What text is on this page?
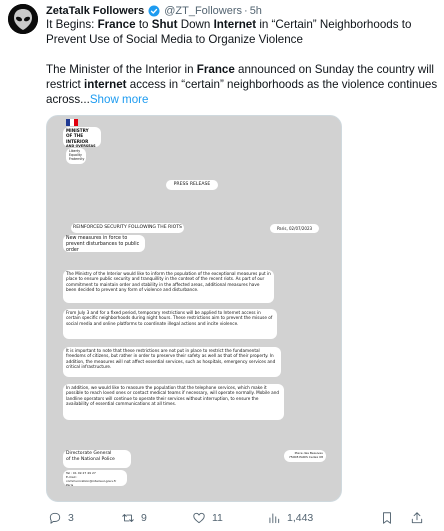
ZetaTalk Followers @ZT_Followers · 5h

It Begins: France to Shut Down Internet in “Certain” Neighborhoods to Prevent Use of Social Media to Organize Violence

The Minister of the Interior in France announced on Sunday the country will restrict internet access in “certain” neighborhoods as the violence continues across...Show more

MINISTRY
OF THE INTERIOR
AND OVERSEAS
Liberty
Equality
Fraternity
PRESS RELEASE
REINFORCED SECURITY FOLLOWING THE RIOTS	Paris, 02/07/2023
New measures in force to
prevent disturbances to public order
The Ministry of the Interior would like to inform the population of the exceptional measures put in place to ensure public security and tranquillity in the context of the recent riots. As part of our commitment to maintain order and stability in the affected areas, additional measures have been decided to prevent any form of violence and disturbance.
From July 3 and for a fixed period, temporary restrictions will be applied to Internet access in certain specific neighborhoods during night hours. These restrictions aim to prevent the misuse of social media and online platforms to coordinate illegal actions and incite violence.
It is important to note that these restrictions are not put in place to restrict the fundamental freedoms of citizens, but rather in order to preserve their safety as well as that of their property. In addition, the measures will not affect essential services, such as hospitals, emergency services and critical infrastructure.
In addition, we would like to reassure the population that the telephone services, which make it possible to reach loved ones or contact medical teams if necessary, will operate normally. Mobile and landline operators will continue to operate their services without interruption, to ensure the availability of essential communications at all times.
Directorate General
of the National Police
Tel : 01 49 27 49 27
E-mail : communication@interieur.gouv.fr
Paris
Place des Beauvau
75008 PARIS Cedex 08
3	9	11	1,443
